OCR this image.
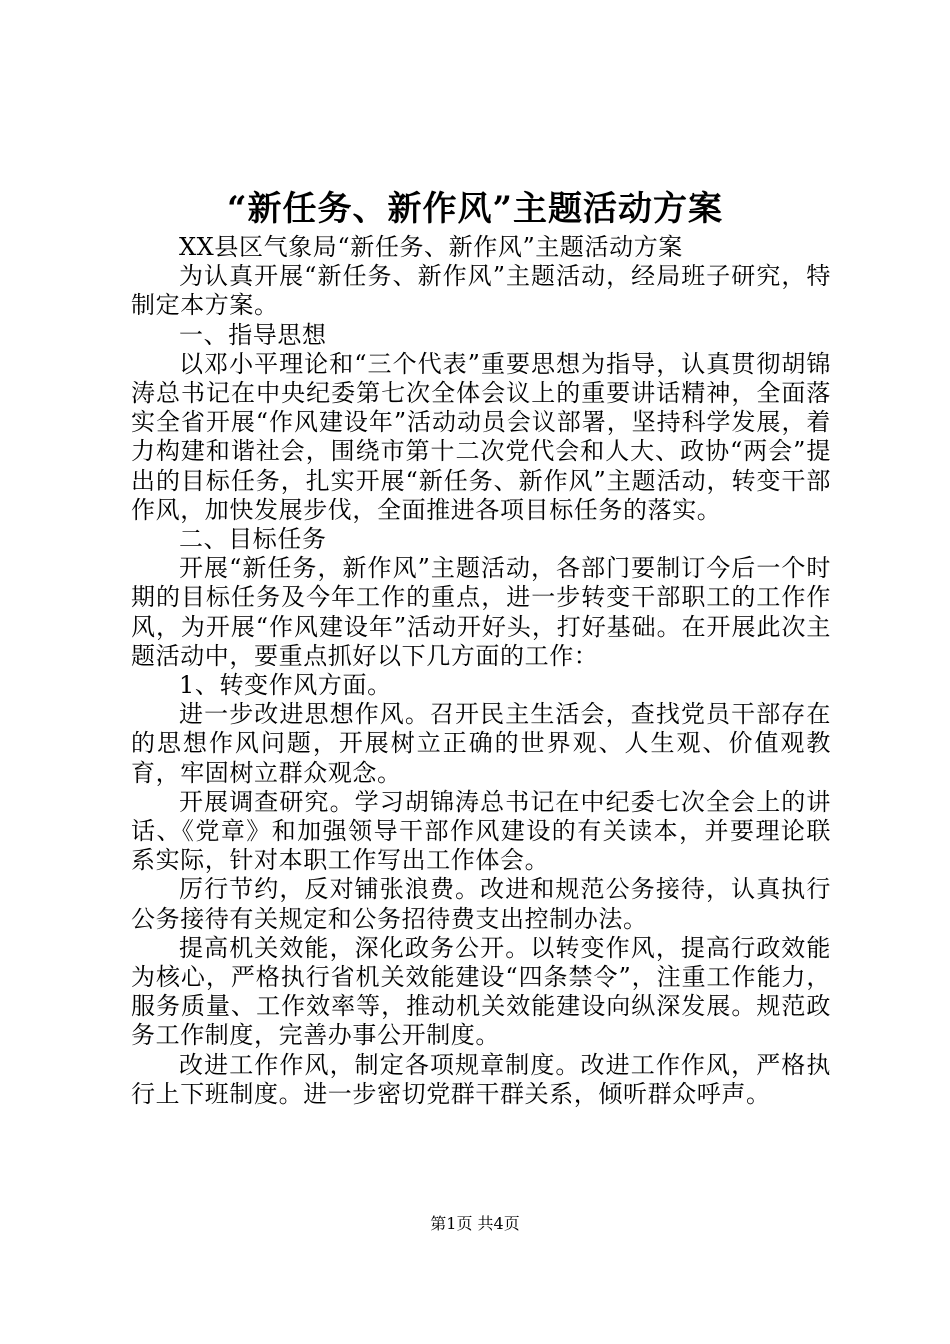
“新任务、新作风”主题活动方案

XX县区气象局“新任务、新作风”主题活动方案

为认真开展“新任务、新作风”主题活动，经局班子研究，特制定本方案。

一、指导思想

以邓小平理论和“三个代表”重要思想为指导，认真贯彻胡锦涛总书记在中央纪委第七次全体会议上的重要讲话精神，全面落实全省开展“作风建设年”活动动员会议部署，坚持科学发展，着力构建和谐社会，围绕市第十二次党代会和人大、政协“两会”提出的目标任务，扎实开展“新任务、新作风”主题活动，转变干部作风，加快发展步伐，全面推进各项目标任务的落实。

二、目标任务

开展“新任务，新作风”主题活动，各部门要制订今后一个时期的目标任务及今年工作的重点，进一步转变干部职工的工作作风，为开展“作风建设年”活动开好头，打好基础。在开展此次主题活动中，要重点抓好以下几方面的工作：

1、转变作风方面。

进一步改进思想作风。召开民主生活会，查找党员干部存在的思想作风问题，开展树立正确的世界观、人生观、价值观教育，牢固树立群众观念。

开展调查研究。学习胡锦涛总书记在中纪委七次全会上的讲话、《党章》和加强领导干部作风建设的有关读本，并要理论联系实际，针对本职工作写出工作体会。

厉行节约，反对铺张浪费。改进和规范公务接待，认真执行公务接待有关规定和公务招待费支出控制办法。

提高机关效能，深化政务公开。以转变作风，提高行政效能为核心，严格执行省机关效能建设“四条禁令”，注重工作能力，服务质量、工作效率等，推动机关效能建设向纵深发展。规范政务工作制度，完善办事公开制度。

改进工作作风，制定各项规章制度。改进工作作风，严格执行上下班制度。进一步密切党群干群关系，倾听群众呼声。

第1页 共4页
